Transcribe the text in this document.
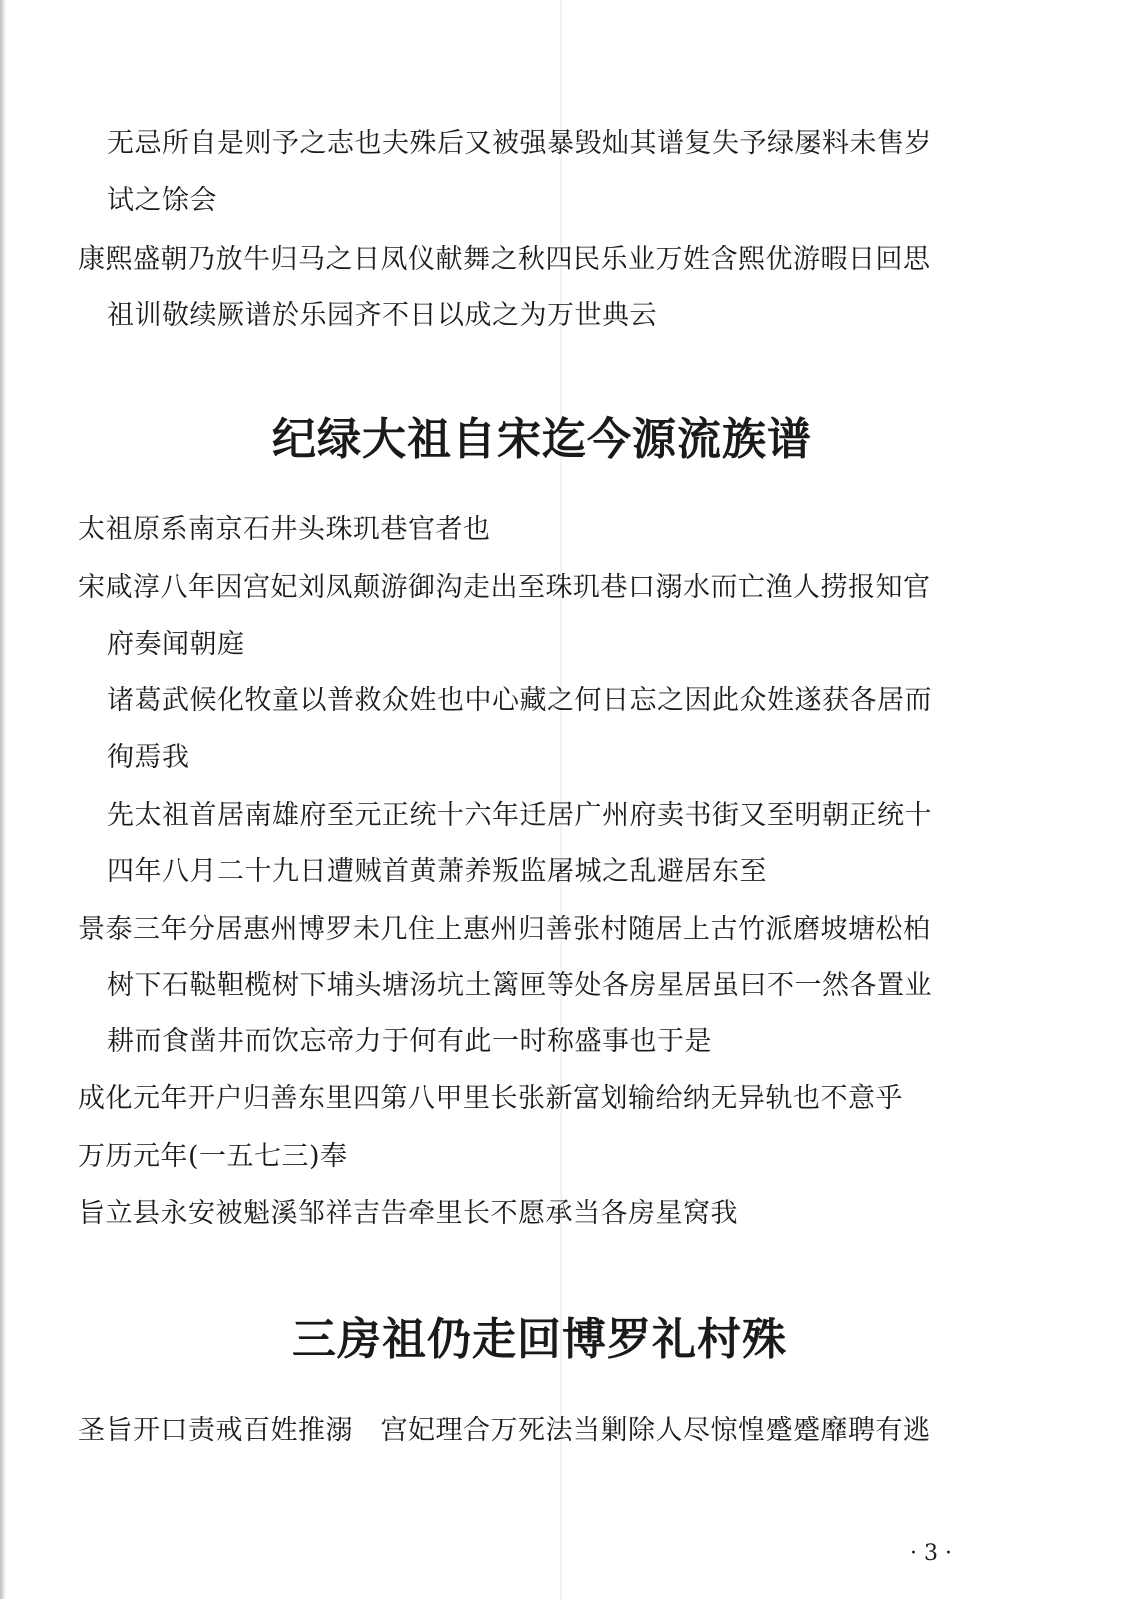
无忌所自是则予之志也夫殊后又被强暴毁灿其谱复失予绿屡料未售岁
试之馀会
康熙盛朝乃放牛归马之日凤仪献舞之秋四民乐业万姓含熙优游暇日回思
祖训敬续厥谱於乐园齐不日以成之为万世典云
纪绿大祖自宋迄今源流族谱
太祖原系南京石井头珠玑巷官者也
宋咸淳八年因宫妃刘凤颠游御沟走出至珠玑巷口溺水而亡渔人捞报知官
府奏闻朝庭
诸葛武候化牧童以普救众姓也中心藏之何日忘之因此众姓遂获各居而
徇焉我
先太祖首居南雄府至元正统十六年迁居广州府卖书街又至明朝正统十
四年八月二十九日遭贼首黄萧养叛监屠城之乱避居东至
景泰三年分居惠州博罗未几住上惠州归善张村随居上古竹派磨坡塘松柏
树下石鞑靼榄树下埔头塘汤坑土篱匣等处各房星居虽曰不一然各置业
耕而食凿井而饮忘帝力于何有此一时称盛事也于是
成化元年开户归善东里四第八甲里长张新富划输给纳无异轨也不意乎
万历元年(一五七三)奉
旨立县永安被魁溪邹祥吉告牵里长不愿承当各房星窝我
三房祖仍走回博罗礼村殊
圣旨开口责戒百姓推溺　宫妃理合万死法当剿除人尽惊惶蹙蹙靡聘有逃
· 3 ·
